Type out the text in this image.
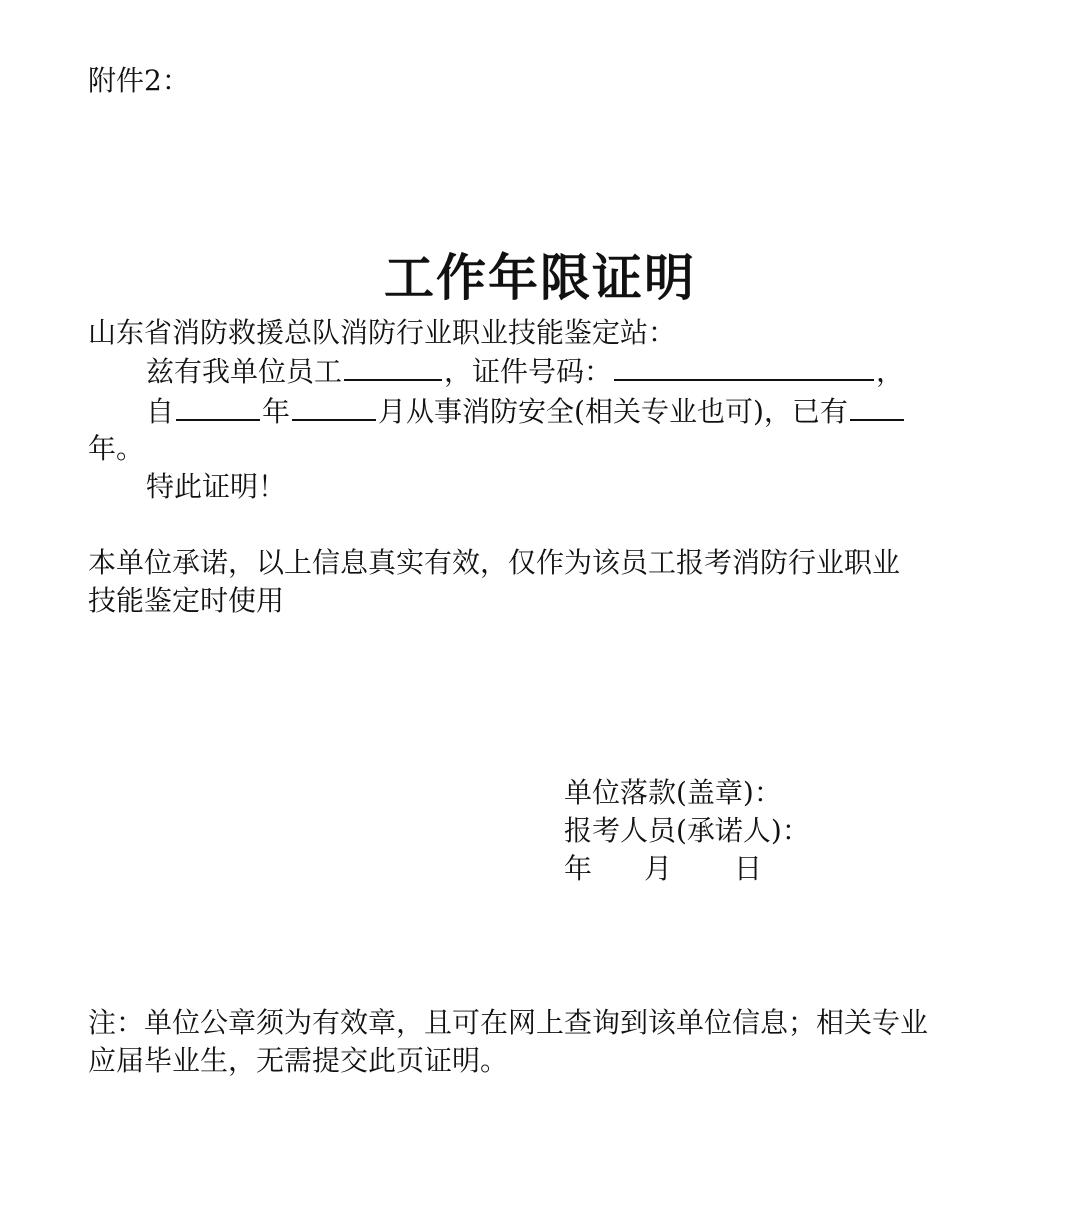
附件2：
工作年限证明
山东省消防救援总队消防行业职业技能鉴定站：
兹有我单位员工	，证件号码：	，
自	年	月从事消防安全(相关专业也可)，已有
年。
特此证明！
本单位承诺，以上信息真实有效，仅作为该员工报考消防行业职业
技能鉴定时使用
单位落款(盖章)：
报考人员(承诺人)：
年 月 日
注：单位公章须为有效章，且可在网上查询到该单位信息；相关专业
应届毕业生，无需提交此页证明。
